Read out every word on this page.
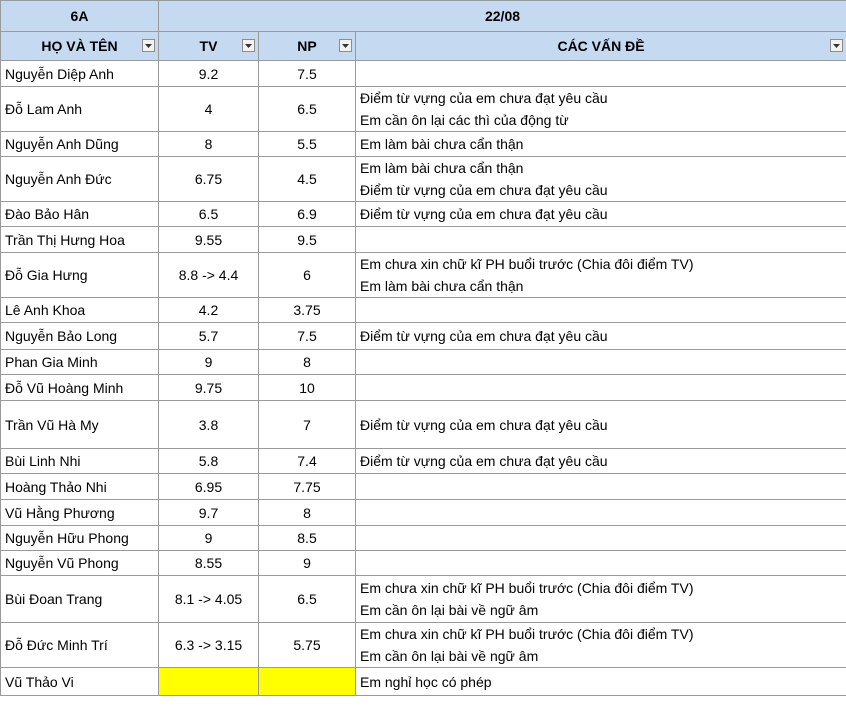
6A	22/08		
HỌ VÀ TÊN	TV	NP	CÁC VẤN ĐỀ

Nguyễn Diệp Anh	9.2	7.5	
Đỗ Lam Anh	4	6.5	Điểm từ vựng của em chưa đạt yêu cầu
Em cần ôn lại các thì của động từ

Nguyễn Anh Dũng	8	5.5	Em làm bài chưa cẩn thận

Nguyễn Anh Đức	6.75	4.5	Em làm bài chưa cẩn thận
Điểm từ vựng của em chưa đạt yêu cầu

Đào Bảo Hân	6.5	6.9	Điểm từ vựng của em chưa đạt yêu cầu

Trần Thị Hưng Hoa	9.55	9.5	
Đỗ Gia Hưng	8.8 -> 4.4	6	Em chưa xin chữ kĩ PH buổi trước (Chia đôi điểm TV)
Em làm bài chưa cẩn thận

Lê Anh Khoa	4.2	3.75	
Nguyễn Bảo Long	5.7	7.5	Điểm từ vựng của em chưa đạt yêu cầu

Phan Gia Minh	9	8	
Đỗ Vũ Hoàng Minh	9.75	10	
Trần Vũ Hà My	3.8	7	Điểm từ vựng của em chưa đạt yêu cầu

Bùi Linh Nhi	5.8	7.4	Điểm từ vựng của em chưa đạt yêu cầu

Hoàng Thảo Nhi	6.95	7.75	
Vũ Hằng Phương	9.7	8	
Nguyễn Hữu Phong	9	8.5	
Nguyễn Vũ Phong	8.55	9	
Bùi Đoan Trang	8.1 -> 4.05	6.5	Em chưa xin chữ kĩ PH buổi trước (Chia đôi điểm TV)
Em cần ôn lại bài về ngữ âm

Đỗ Đức Minh Trí	6.3 -> 3.15	5.75	Em chưa xin chữ kĩ PH buổi trước (Chia đôi điểm TV)
Em cần ôn lại bài về ngữ âm

Vũ Thảo Vi			Em nghỉ học có phép
